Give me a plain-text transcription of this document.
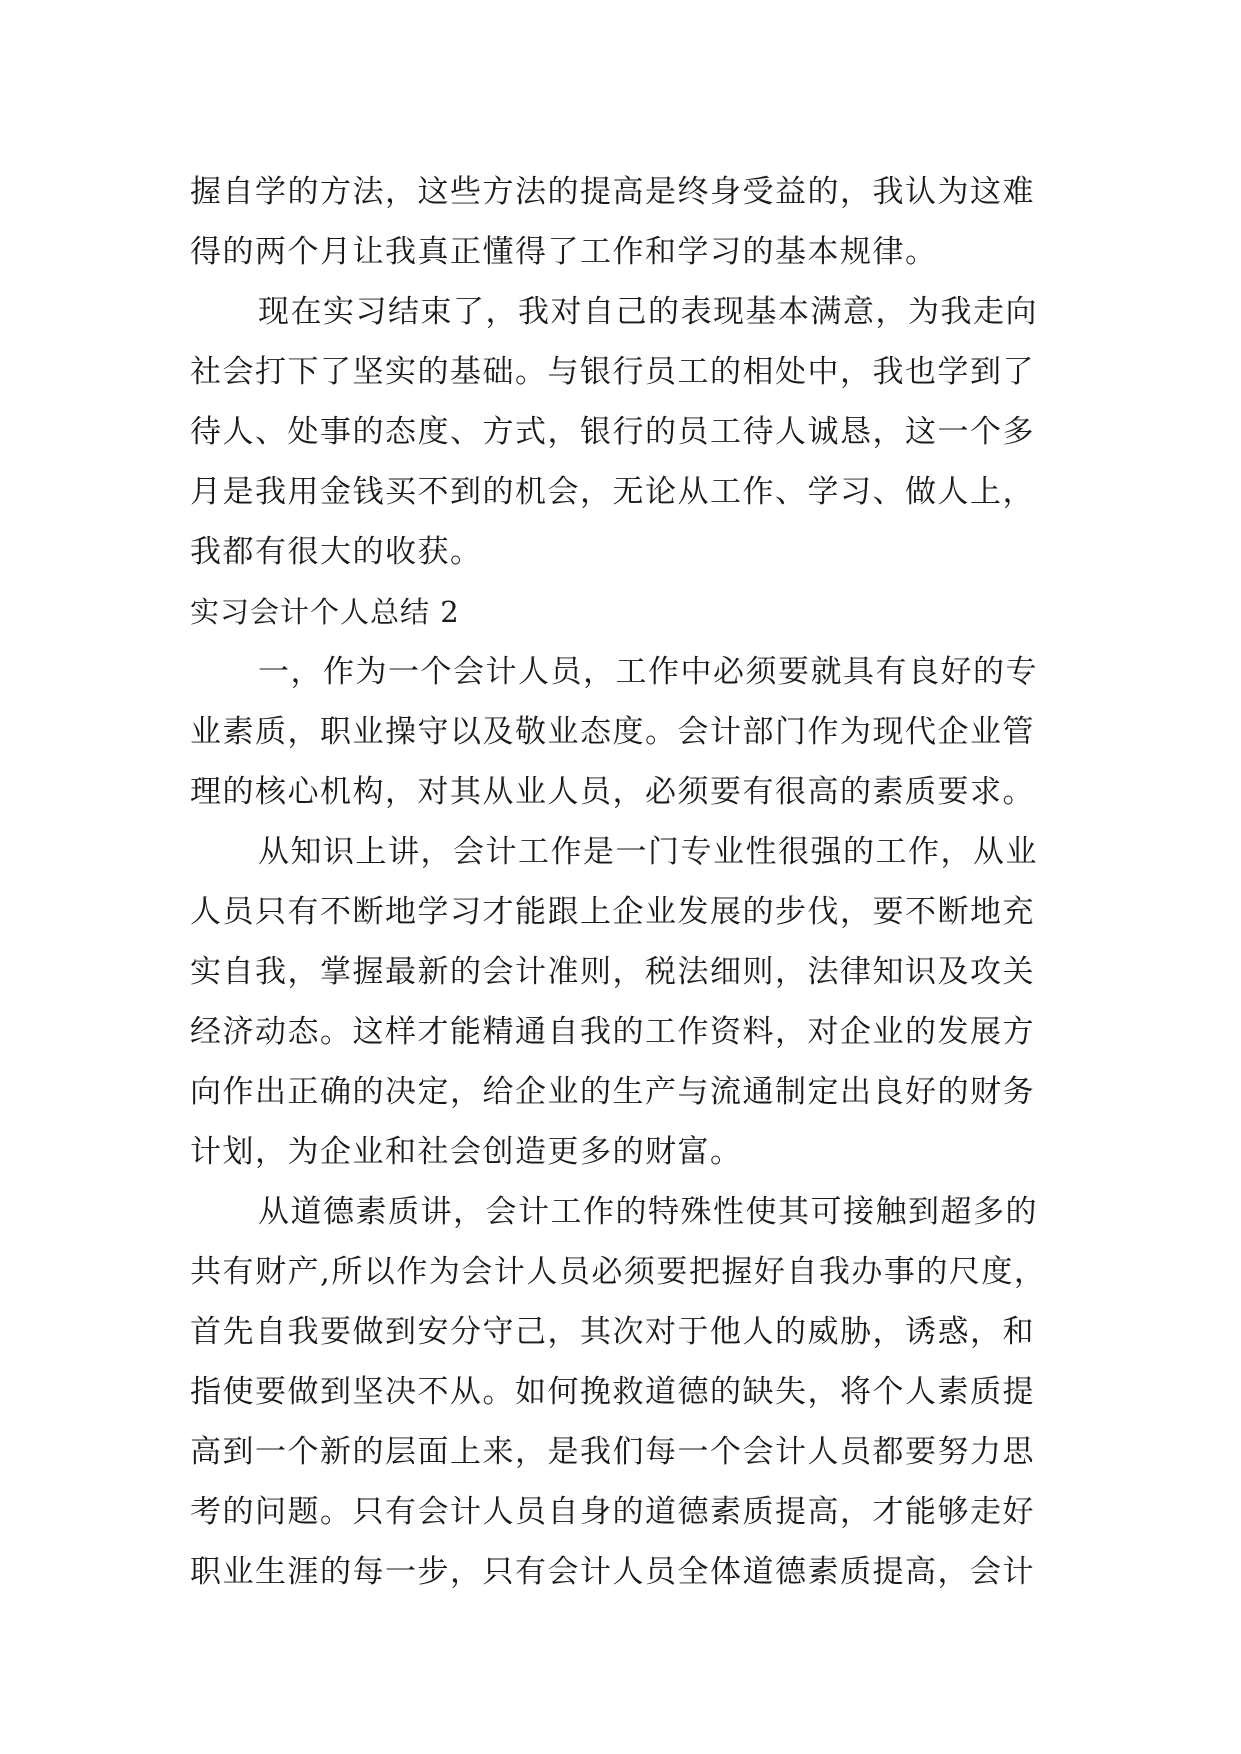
握自学的方法，这些方法的提高是终身受益的，我认为这难
得的两个月让我真正懂得了工作和学习的基本规律。
现在实习结束了，我对自己的表现基本满意，为我走向
社会打下了坚实的基础。与银行员工的相处中，我也学到了
待人、处事的态度、方式，银行的员工待人诚恳，这一个多
月是我用金钱买不到的机会，无论从工作、学习、做人上，
我都有很大的收获。
实习会计个人总结 2
一，作为一个会计人员，工作中必须要就具有良好的专
业素质，职业操守以及敬业态度。会计部门作为现代企业管
理的核心机构，对其从业人员，必须要有很高的素质要求。
从知识上讲，会计工作是一门专业性很强的工作，从业
人员只有不断地学习才能跟上企业发展的步伐，要不断地充
实自我，掌握最新的会计准则，税法细则，法律知识及攻关
经济动态。这样才能精通自我的工作资料，对企业的发展方
向作出正确的决定，给企业的生产与流通制定出良好的财务
计划，为企业和社会创造更多的财富。
从道德素质讲，会计工作的特殊性使其可接触到超多的
共有财产,所以作为会计人员必须要把握好自我办事的尺度，
首先自我要做到安分守己，其次对于他人的威胁，诱惑，和
指使要做到坚决不从。如何挽救道德的缺失，将个人素质提
高到一个新的层面上来，是我们每一个会计人员都要努力思
考的问题。只有会计人员自身的道德素质提高，才能够走好
职业生涯的每一步，只有会计人员全体道德素质提高，会计
